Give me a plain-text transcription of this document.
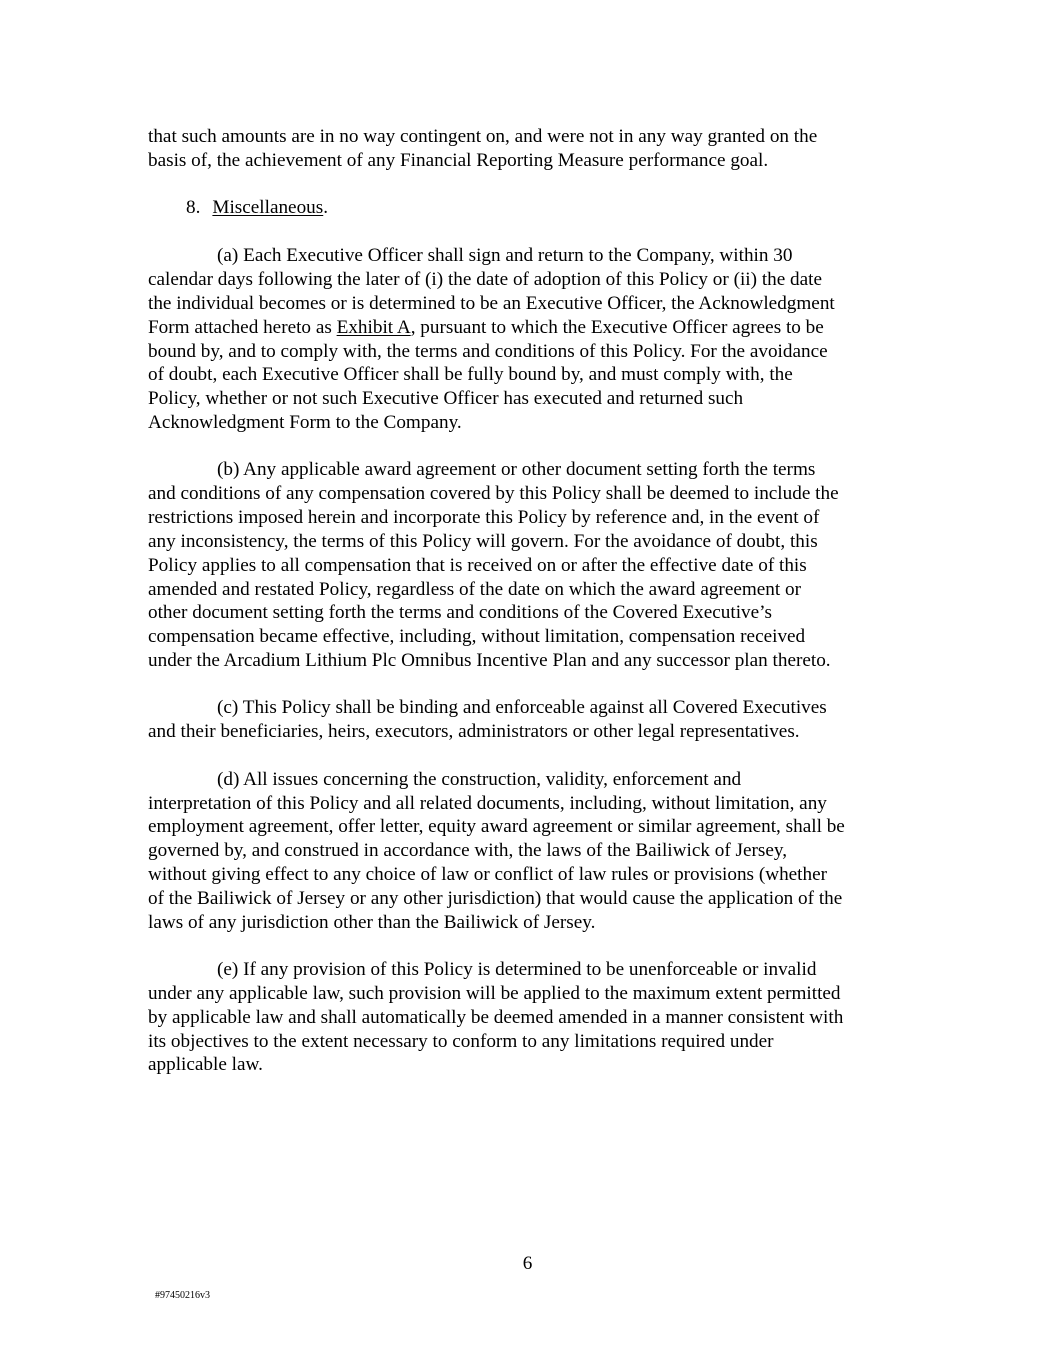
that such amounts are in no way contingent on, and were not in any way granted on the
basis of, the achievement of any Financial Reporting Measure performance goal.
8. Miscellaneous.
(a) Each Executive Officer shall sign and return to the Company, within 30
calendar days following the later of (i) the date of adoption of this Policy or (ii) the date
the individual becomes or is determined to be an Executive Officer, the Acknowledgment
Form attached hereto as Exhibit A, pursuant to which the Executive Officer agrees to be
bound by, and to comply with, the terms and conditions of this Policy. For the avoidance
of doubt, each Executive Officer shall be fully bound by, and must comply with, the
Policy, whether or not such Executive Officer has executed and returned such
Acknowledgment Form to the Company.
(b) Any applicable award agreement or other document setting forth the terms
and conditions of any compensation covered by this Policy shall be deemed to include the
restrictions imposed herein and incorporate this Policy by reference and, in the event of
any inconsistency, the terms of this Policy will govern. For the avoidance of doubt, this
Policy applies to all compensation that is received on or after the effective date of this
amended and restated Policy, regardless of the date on which the award agreement or
other document setting forth the terms and conditions of the Covered Executive’s
compensation became effective, including, without limitation, compensation received
under the Arcadium Lithium Plc Omnibus Incentive Plan and any successor plan thereto.
(c) This Policy shall be binding and enforceable against all Covered Executives
and their beneficiaries, heirs, executors, administrators or other legal representatives.
(d) All issues concerning the construction, validity, enforcement and
interpretation of this Policy and all related documents, including, without limitation, any
employment agreement, offer letter, equity award agreement or similar agreement, shall be
governed by, and construed in accordance with, the laws of the Bailiwick of Jersey,
without giving effect to any choice of law or conflict of law rules or provisions (whether
of the Bailiwick of Jersey or any other jurisdiction) that would cause the application of the
laws of any jurisdiction other than the Bailiwick of Jersey.
(e) If any provision of this Policy is determined to be unenforceable or invalid
under any applicable law, such provision will be applied to the maximum extent permitted
by applicable law and shall automatically be deemed amended in a manner consistent with
its objectives to the extent necessary to conform to any limitations required under
applicable law.
6
#97450216v3
